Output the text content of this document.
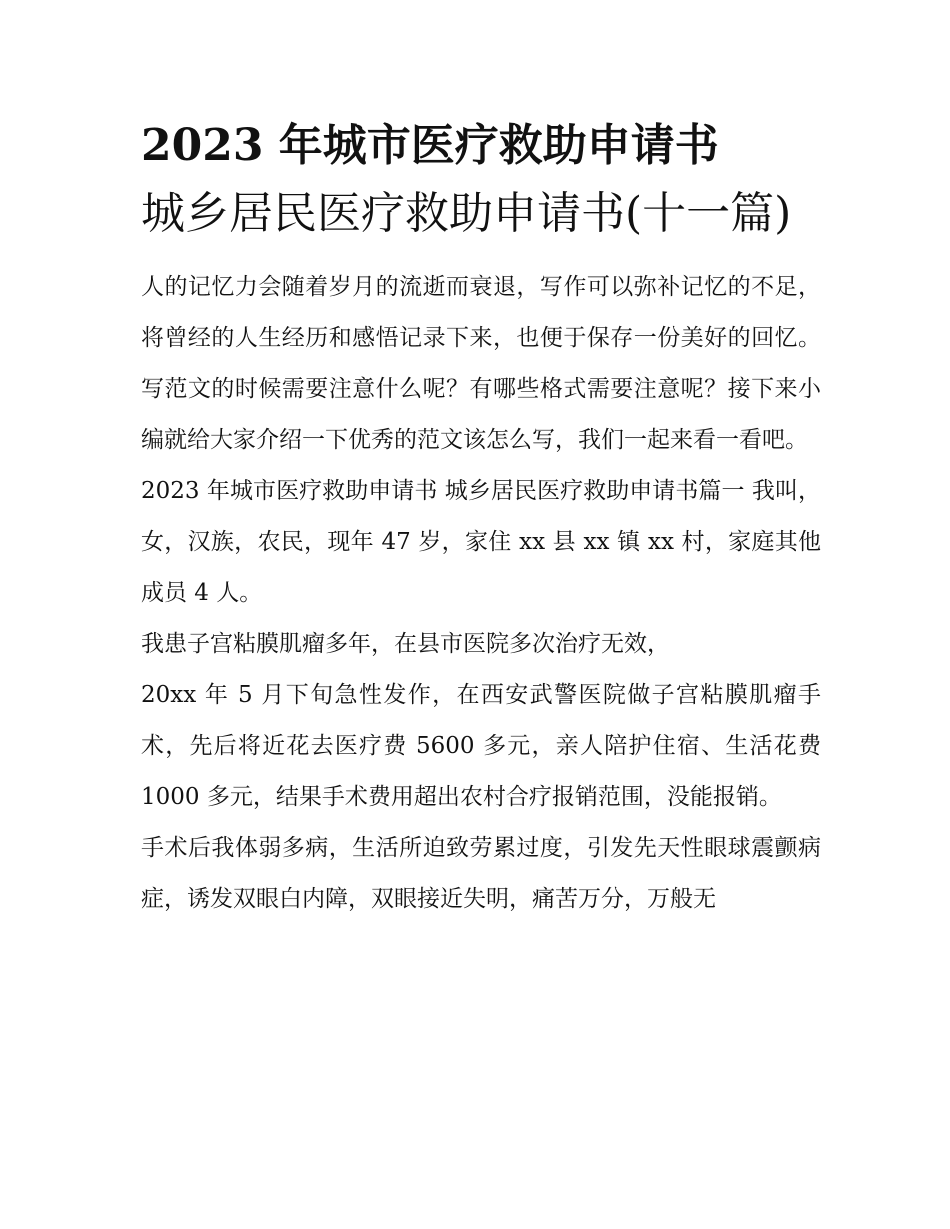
2023 年城市医疗救助申请书
城乡居民医疗救助申请书(十一篇)

人的记忆力会随着岁月的流逝而衰退，写作可以弥补记忆的不足，将曾经的人生经历和感悟记录下来，也便于保存一份美好的回忆。写范文的时候需要注意什么呢？有哪些格式需要注意呢？接下来小编就给大家介绍一下优秀的范文该怎么写，我们一起来看一看吧。

2023 年城市医疗救助申请书 城乡居民医疗救助申请书篇一 我叫，女，汉族，农民，现年 47 岁，家住 xx 县 xx 镇 xx 村，家庭其他成员 4 人。

我患子宫粘膜肌瘤多年，在县市医院多次治疗无效，

20xx 年 5 月下旬急性发作，在西安武警医院做子宫粘膜肌瘤手术，先后将近花去医疗费 5600 多元，亲人陪护住宿、生活花费 1000 多元，结果手术费用超出农村合疗报销范围，没能报销。

手术后我体弱多病，生活所迫致劳累过度，引发先天性眼球震颤病症，诱发双眼白内障，双眼接近失明，痛苦万分，万般无
